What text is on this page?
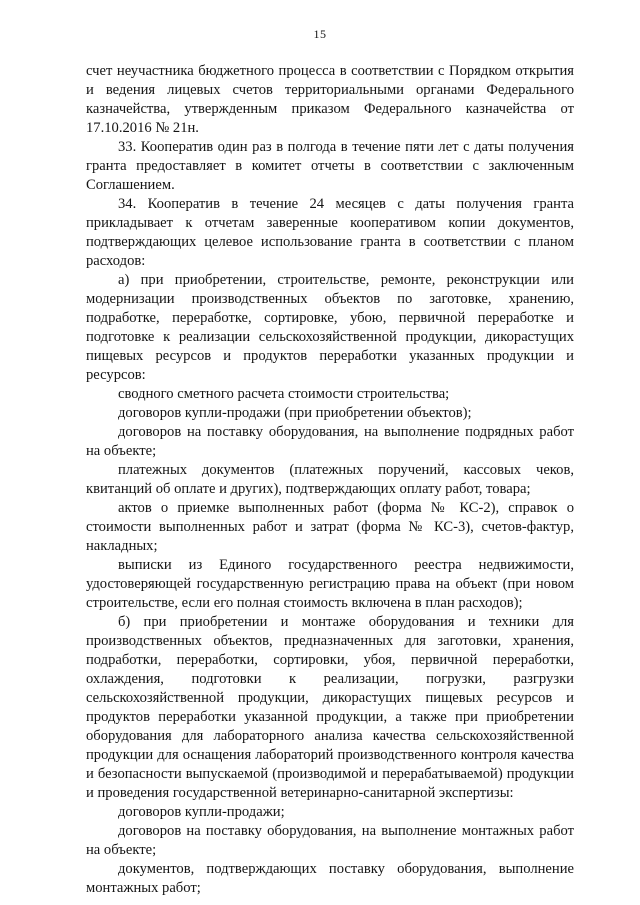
15

счет неучастника бюджетного процесса в соответствии с Порядком открытия и ведения лицевых счетов территориальными органами Федерального казначейства, утвержденным приказом Федерального казначейства от 17.10.2016 № 21н.

33. Кооператив один раз в полгода в течение пяти лет с даты получения гранта предоставляет в комитет отчеты в соответствии с заключенным Соглашением.

34. Кооператив в течение 24 месяцев с даты получения гранта прикладывает к отчетам заверенные кооперативом копии документов, подтверждающих целевое использование гранта в соответствии с планом расходов:

а) при приобретении, строительстве, ремонте, реконструкции или модернизации производственных объектов по заготовке, хранению, подработке, переработке, сортировке, убою, первичной переработке и подготовке к реализации сельскохозяйственной продукции, дикорастущих пищевых ресурсов и продуктов переработки указанных продукции и ресурсов:

сводного сметного расчета стоимости строительства;

договоров купли-продажи (при приобретении объектов);

договоров на поставку оборудования, на выполнение подрядных работ на объекте;

платежных документов (платежных поручений, кассовых чеков, квитанций об оплате и других), подтверждающих оплату работ, товара;

актов о приемке выполненных работ (форма № КС-2), справок о стоимости выполненных работ и затрат (форма № КС-3), счетов-фактур, накладных;

выписки из Единого государственного реестра недвижимости, удостоверяющей государственную регистрацию права на объект (при новом строительстве, если его полная стоимость включена в план расходов);

б) при приобретении и монтаже оборудования и техники для производственных объектов, предназначенных для заготовки, хранения, подработки, переработки, сортировки, убоя, первичной переработки, охлаждения, подготовки к реализации, погрузки, разгрузки сельскохозяйственной продукции, дикорастущих пищевых ресурсов и продуктов переработки указанной продукции, а также при приобретении оборудования для лабораторного анализа качества сельскохозяйственной продукции для оснащения лабораторий производственного контроля качества и безопасности выпускаемой (производимой и перерабатываемой) продукции и проведения государственной ветеринарно-санитарной экспертизы:

договоров купли-продажи;

договоров на поставку оборудования, на выполнение монтажных работ на объекте;

документов, подтверждающих поставку оборудования, выполнение монтажных работ;
